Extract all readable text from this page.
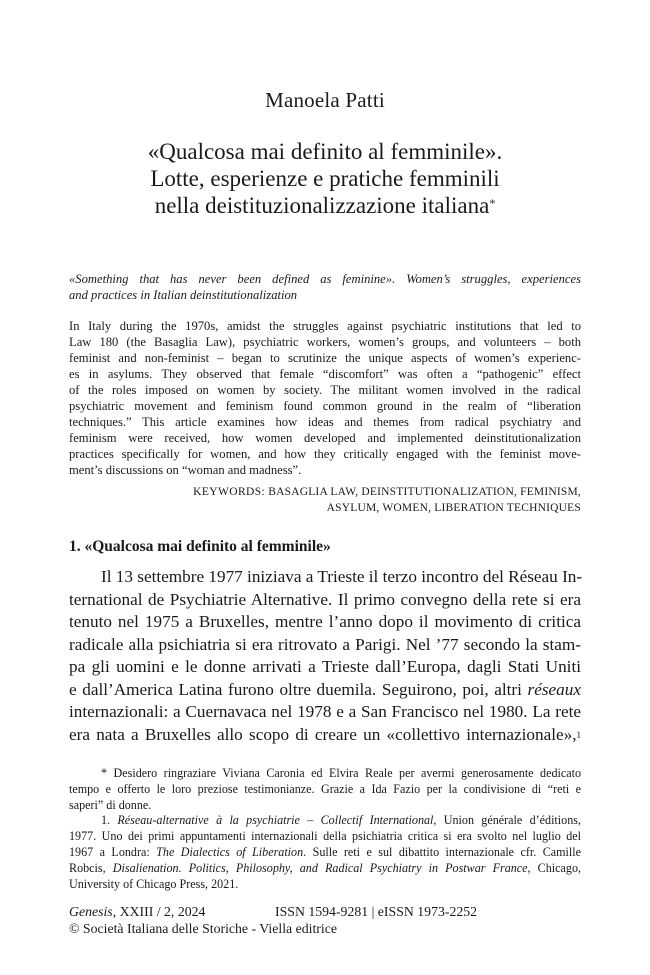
Manoela Patti
«Qualcosa mai definito al femminile».
Lotte, esperienze e pratiche femminili
nella deistituzionalizzazione italiana*
«Something that has never been defined as feminine». Women’s struggles, experiences
and practices in Italian deinstitutionalization
In Italy during the 1970s, amidst the struggles against psychiatric institutions that led to
Law 180 (the Basaglia Law), psychiatric workers, women’s groups, and volunteers – both
feminist and non-feminist – began to scrutinize the unique aspects of women’s experienc-
es in asylums. They observed that female “discomfort” was often a “pathogenic” effect
of the roles imposed on women by society. The militant women involved in the radical
psychiatric movement and feminism found common ground in the realm of “liberation
techniques.” This article examines how ideas and themes from radical psychiatry and
feminism were received, how women developed and implemented deinstitutionalization
practices specifically for women, and how they critically engaged with the feminist move-
ment’s discussions on “woman and madness”.
KEYWORDS: BASAGLIA LAW, DEINSTITUTIONALIZATION, FEMINISM,
ASYLUM, WOMEN, LIBERATION TECHNIQUES
1. «Qualcosa mai definito al femminile»
Il 13 settembre 1977 iniziava a Trieste il terzo incontro del Réseau In-
ternational de Psychiatrie Alternative. Il primo convegno della rete si era
tenuto nel 1975 a Bruxelles, mentre l’anno dopo il movimento di critica
radicale alla psichiatria si era ritrovato a Parigi. Nel ’77 secondo la stam-
pa gli uomini e le donne arrivati a Trieste dall’Europa, dagli Stati Uniti
e dall’America Latina furono oltre duemila. Seguirono, poi, altri réseaux
internazionali: a Cuernavaca nel 1978 e a San Francisco nel 1980. La rete
era nata a Bruxelles allo scopo di creare un «collettivo internazionale»,$^1$
* Desidero ringraziare Viviana Caronia ed Elvira Reale per avermi generosamente dedicato
tempo e offerto le loro preziose testimonianze. Grazie a Ida Fazio per la condivisione di “reti e
saperi” di donne.
1. Réseau-alternative à la psychiatrie – Collectif International, Union générale d’éditions,
1977. Uno dei primi appuntamenti internazionali della psichiatria critica si era svolto nel luglio del
1967 a Londra: The Dialectics of Liberation. Sulle reti e sul dibattito internazionale cfr. Camille
Robcis, Disalienation. Politics, Philosophy, and Radical Psychiatry in Postwar France, Chicago,
University of Chicago Press, 2021.
Genesis, XXIII / 2, 2024	ISSN 1594-9281 | eISSN 1973-2252
© Società Italiana delle Storiche - Viella editrice
